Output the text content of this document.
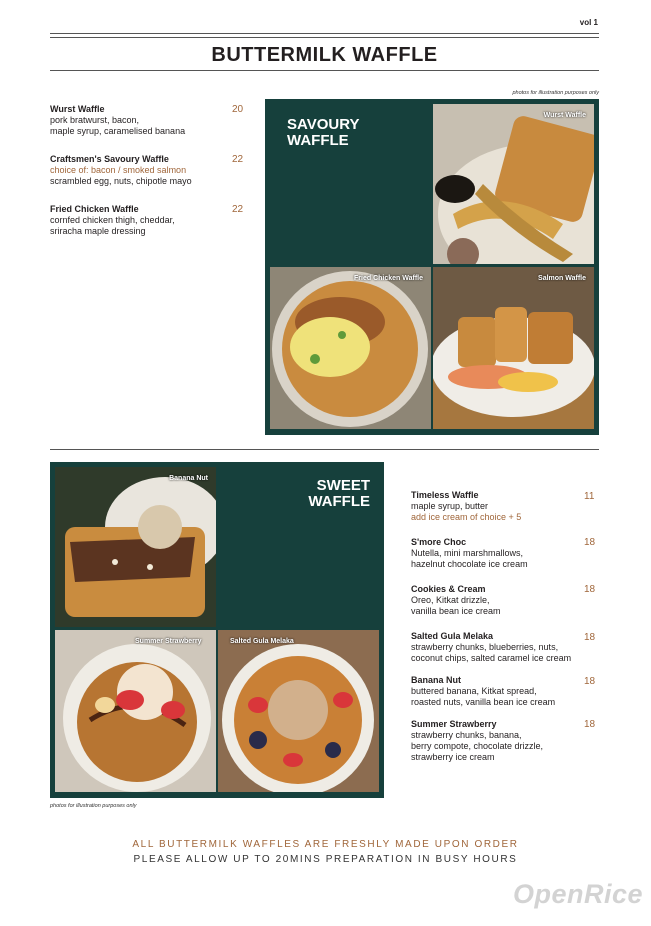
vol 1
BUTTERMILK WAFFLE
photos for illustration purposes only
Wurst Waffle
pork bratwurst, bacon,
maple syrup, caramelised banana
20
Craftsmen's Savoury Waffle
choice of: bacon / smoked salmon
scrambled egg, nuts, chipotle mayo
22
Fried Chicken Waffle
cornfed chicken thigh, cheddar,
sriracha maple dressing
22
SAVOURY
WAFFLE
Wurst Waffle
Fried Chicken Waffle	Salmon Waffle
SWEET
WAFFLE
Banana Nut
Summer Strawberry	Salted Gula Melaka
photos for illustration purposes only
Timeless Waffle
maple syrup, butter
add ice cream of choice + 5
11
S'more Choc
Nutella, mini marshmallows,
hazelnut chocolate ice cream
18
Cookies & Cream
Oreo, Kitkat drizzle,
vanilla bean ice cream
18
Salted Gula Melaka
strawberry chunks, blueberries, nuts,
coconut chips, salted caramel ice cream
18
Banana Nut
buttered banana, Kitkat spread,
roasted nuts, vanilla bean ice cream
18
Summer Strawberry
strawberry chunks, banana,
berry compote, chocolate drizzle,
strawberry ice cream
18
ALL BUTTERMILK WAFFLES ARE FRESHLY MADE UPON ORDER
PLEASE ALLOW UP TO 20MINS PREPARATION IN BUSY HOURS
OpenRice
